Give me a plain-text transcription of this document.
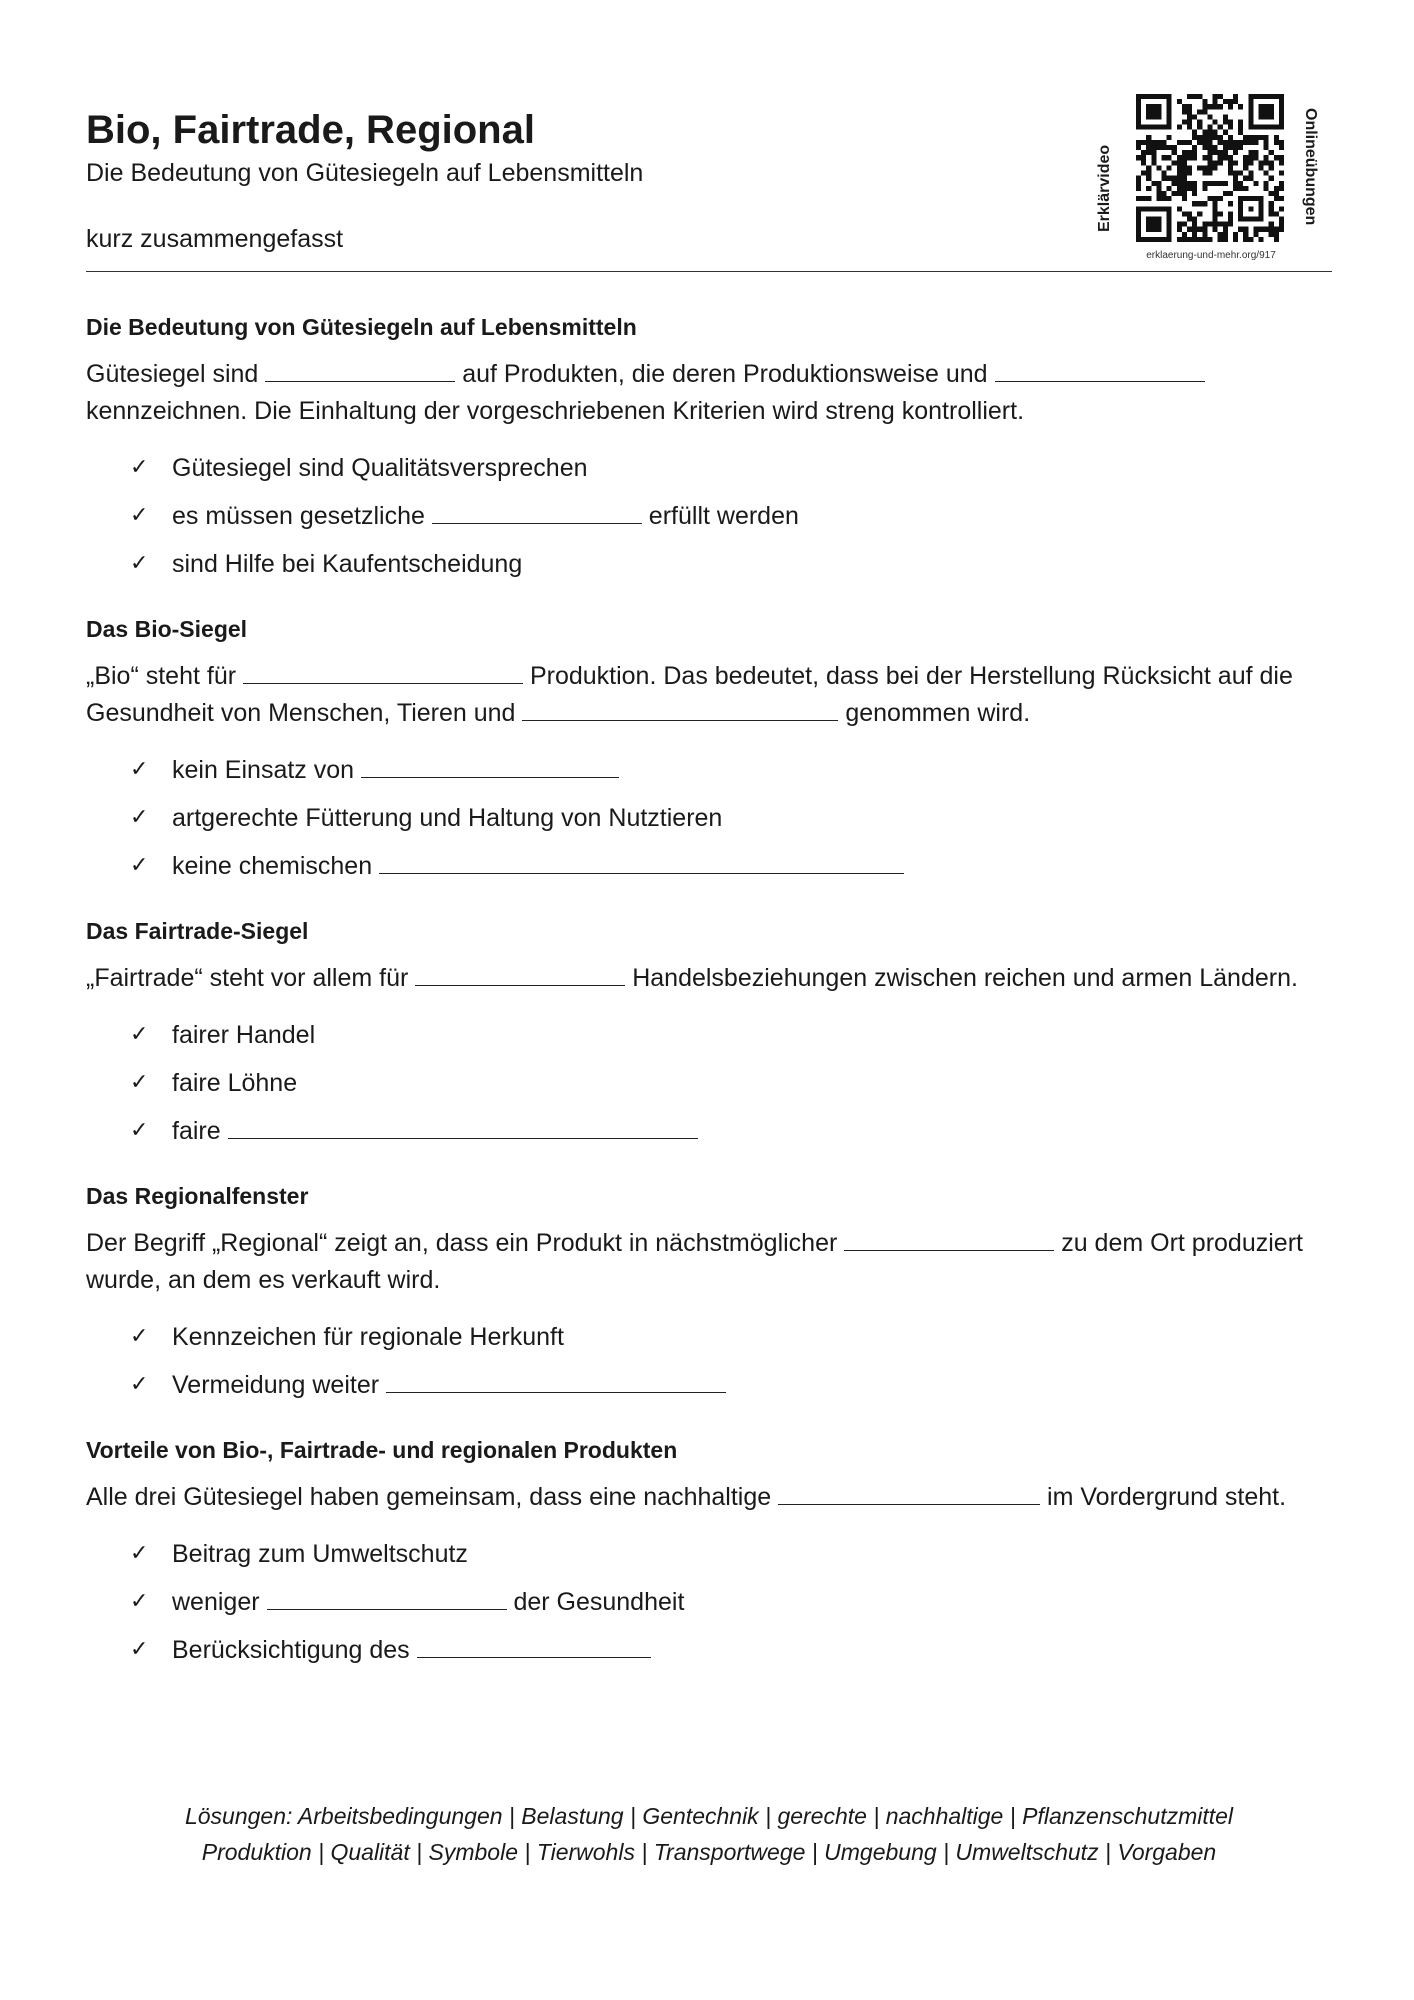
Bio, Fairtrade, Regional
Die Bedeutung von Gütesiegeln auf Lebensmitteln
kurz zusammengefasst
Erklärvideo	Onlineübungen
erklaerung-und-mehr.org/917
Die Bedeutung von Gütesiegeln auf Lebensmitteln

Gütesiegel sind	auf Produkten, die deren Produktionsweise und  kennzeichnen. Die Einhaltung der vorgeschriebenen Kriterien wird streng kontrolliert.

✓ Gütesiegel sind Qualitätsversprechen
✓ es müssen gesetzliche	erfüllt werden
✓ sind Hilfe bei Kaufentscheidung
Das Bio-Siegel

„Bio“ steht für	Produktion. Das bedeutet, dass bei der Herstellung Rücksicht auf die Gesundheit von Menschen, Tieren und	genommen wird.

✓ kein Einsatz von
✓ artgerechte Fütterung und Haltung von Nutztieren
✓ keine chemischen
Das Fairtrade-Siegel

„Fairtrade“ steht vor allem für	Handelsbeziehungen zwischen reichen und armen Ländern.

✓ fairer Handel
✓ faire Löhne
✓ faire
Das Regionalfenster

Der Begriff „Regional“ zeigt an, dass ein Produkt in nächstmöglicher	zu dem Ort produziert wurde, an dem es verkauft wird.

✓ Kennzeichen für regionale Herkunft
✓ Vermeidung weiter
Vorteile von Bio-, Fairtrade- und regionalen Produkten

Alle drei Gütesiegel haben gemeinsam, dass eine nachhaltige	im Vordergrund steht.

✓ Beitrag zum Umweltschutz
✓ weniger	der Gesundheit
✓ Berücksichtigung des
Lösungen: Arbeitsbedingungen | Belastung | Gentechnik | gerechte | nachhaltige | Pflanzenschutzmittel
Produktion | Qualität | Symbole | Tierwohls | Transportwege | Umgebung | Umweltschutz | Vorgaben
